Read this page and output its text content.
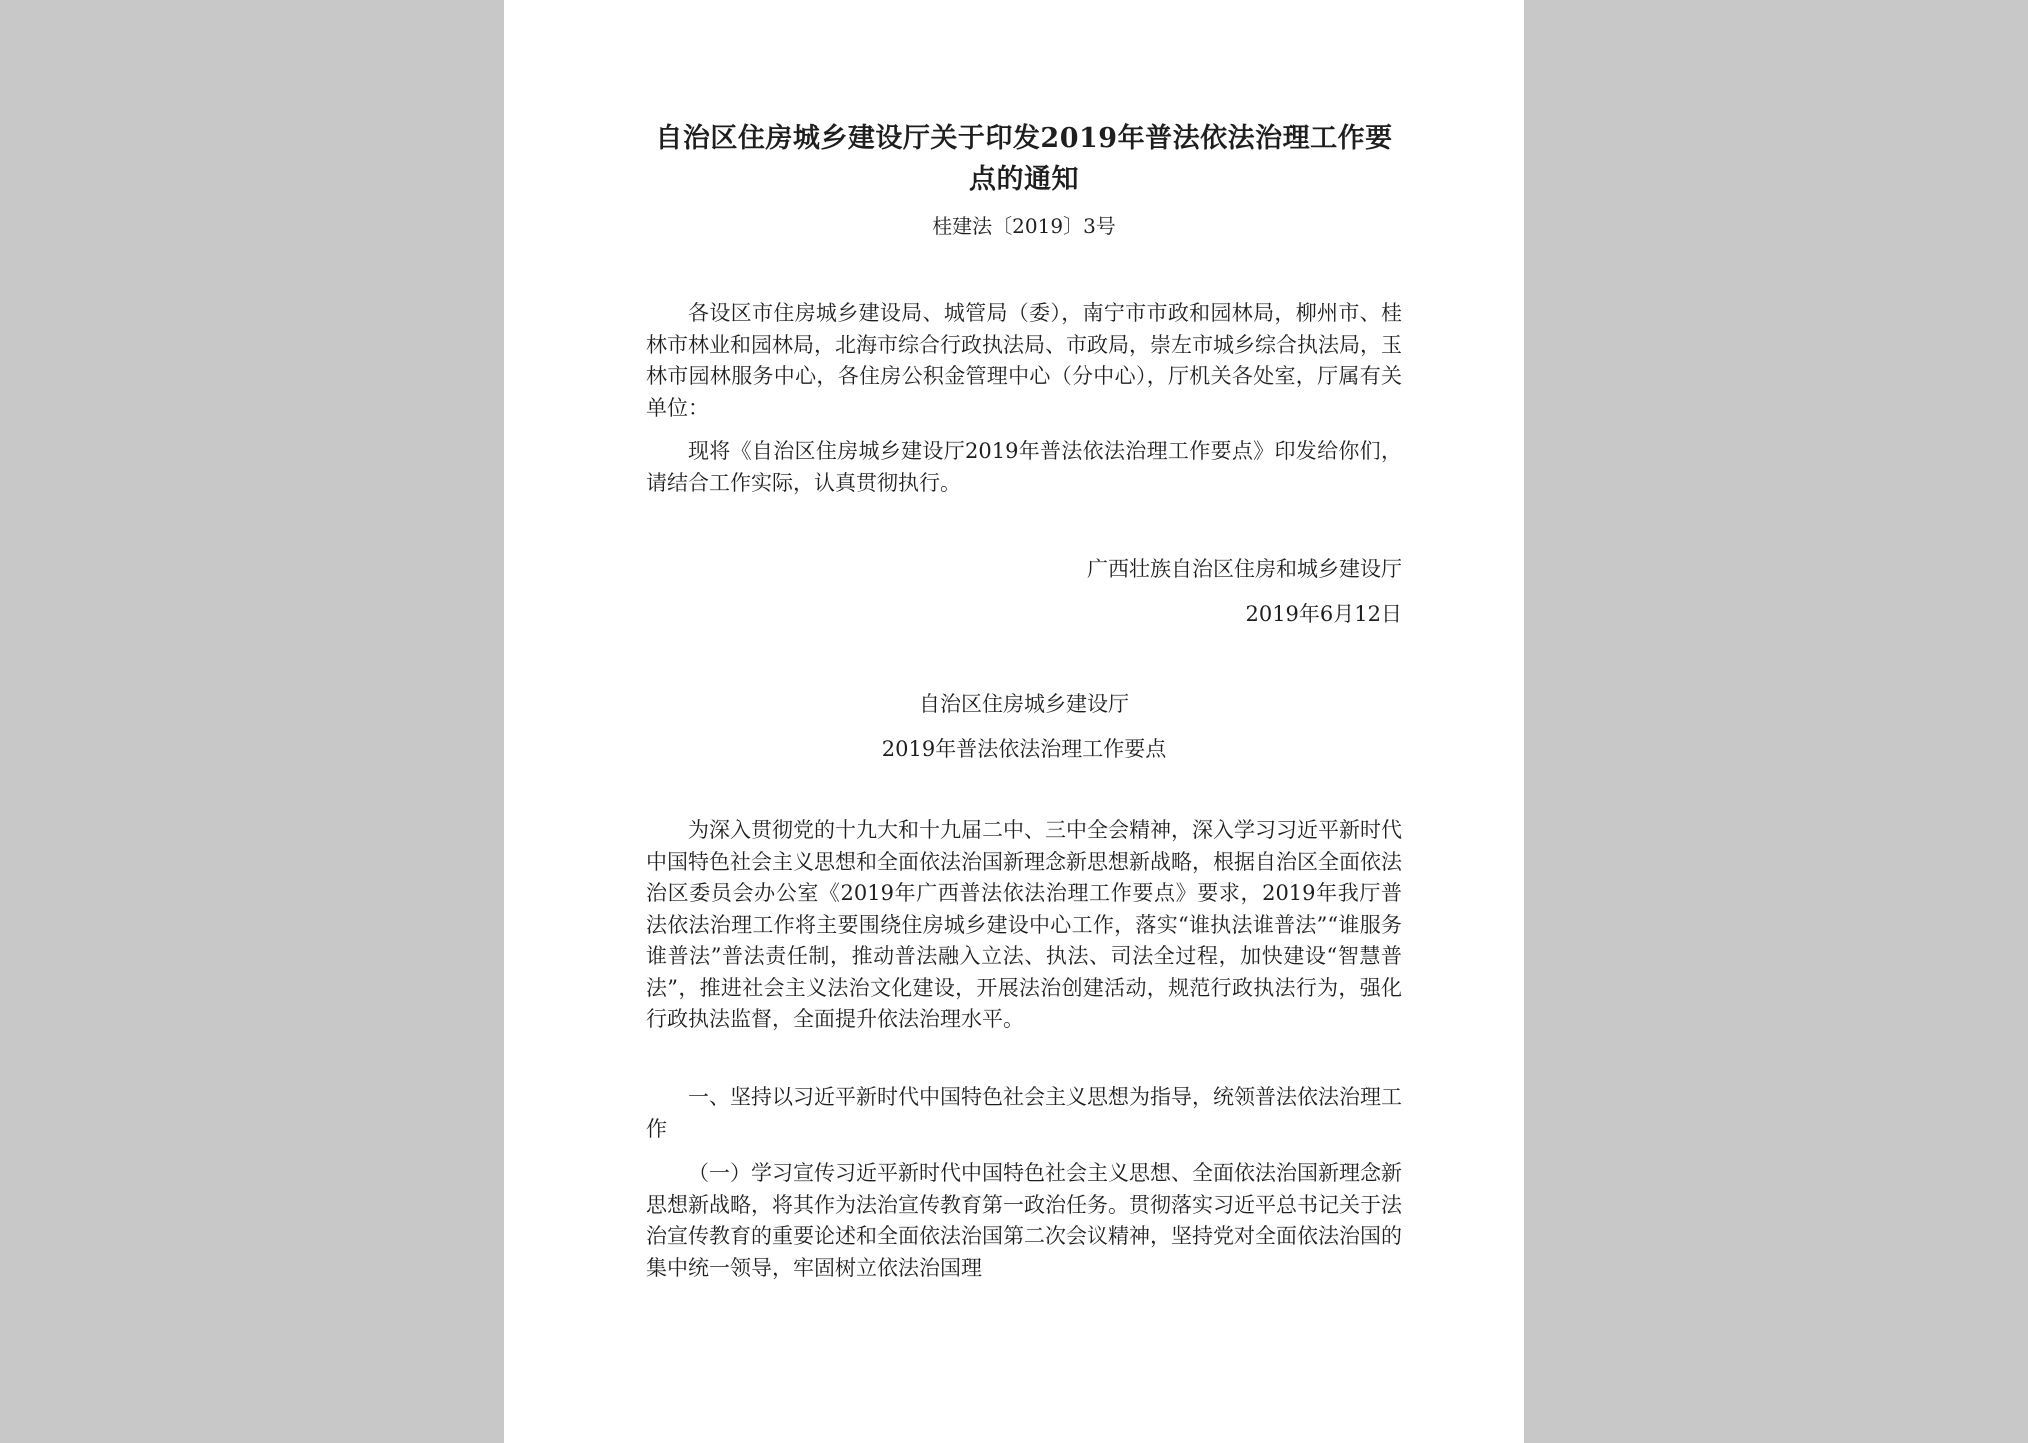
自治区住房城乡建设厅关于印发2019年普法依法治理工作要点的通知
桂建法〔2019〕3号

各设区市住房城乡建设局、城管局（委），南宁市市政和园林局，柳州市、桂林市林业和园林局，北海市综合行政执法局、市政局，崇左市城乡综合执法局，玉林市园林服务中心，各住房公积金管理中心（分中心），厅机关各处室，厅属有关单位：

现将《自治区住房城乡建设厅2019年普法依法治理工作要点》印发给你们，请结合工作实际，认真贯彻执行。

广西壮族自治区住房和城乡建设厅
2019年6月12日
自治区住房城乡建设厅
2019年普法依法治理工作要点

为深入贯彻党的十九大和十九届二中、三中全会精神，深入学习习近平新时代中国特色社会主义思想和全面依法治国新理念新思想新战略，根据自治区全面依法治区委员会办公室《2019年广西普法依法治理工作要点》要求，2019年我厅普法依法治理工作将主要围绕住房城乡建设中心工作，落实“谁执法谁普法”“谁服务谁普法”普法责任制，推动普法融入立法、执法、司法全过程，加快建设“智慧普法”，推进社会主义法治文化建设，开展法治创建活动，规范行政执法行为，强化行政执法监督，全面提升依法治理水平。

一、坚持以习近平新时代中国特色社会主义思想为指导，统领普法依法治理工作

（一）学习宣传习近平新时代中国特色社会主义思想、全面依法治国新理念新思想新战略，将其作为法治宣传教育第一政治任务。贯彻落实习近平总书记关于法治宣传教育的重要论述和全面依法治国第二次会议精神，坚持党对全面依法治国的集中统一领导，牢固树立依法治国理
